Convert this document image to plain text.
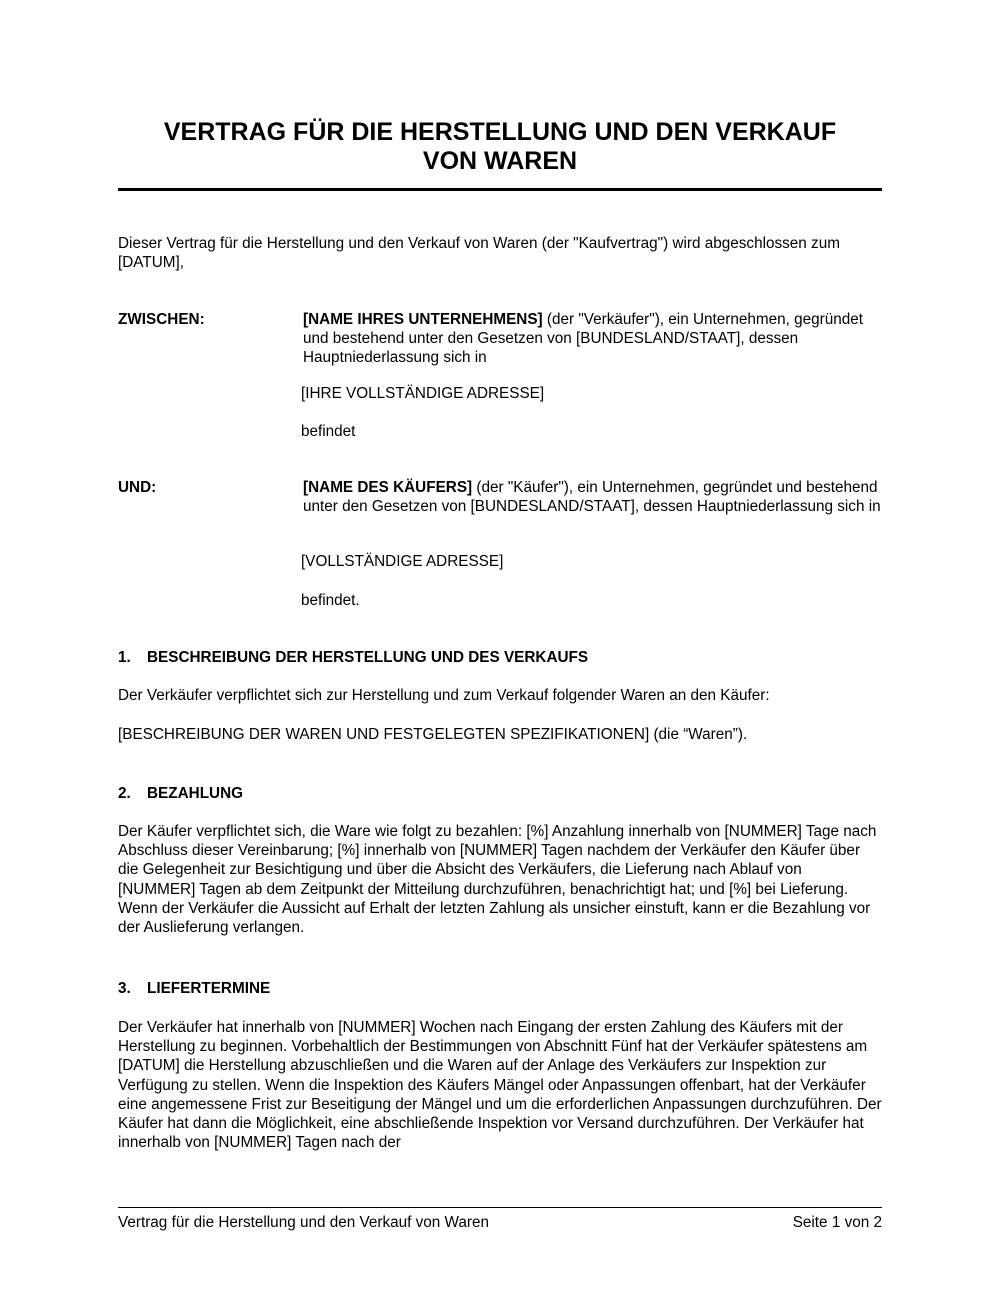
VERTRAG FÜR DIE HERSTELLUNG UND DEN VERKAUF
VON WAREN
Dieser Vertrag für die Herstellung und den Verkauf von Waren (der "Kaufvertrag") wird abgeschlossen zum [DATUM],
ZWISCHEN:	[NAME IHRES UNTERNEHMENS] (der "Verkäufer"), ein Unternehmen, gegründet und bestehend unter den Gesetzen von [BUNDESLAND/STAAT], dessen Hauptniederlassung sich in
[IHRE VOLLSTÄNDIGE ADRESSE]
befindet
UND:	[NAME DES KÄUFERS] (der "Käufer"), ein Unternehmen, gegründet und bestehend unter den Gesetzen von [BUNDESLAND/STAAT], dessen Hauptniederlassung sich in
[VOLLSTÄNDIGE ADRESSE]
befindet.
1. BESCHREIBUNG DER HERSTELLUNG UND DES VERKAUFS
Der Verkäufer verpflichtet sich zur Herstellung und zum Verkauf folgender Waren an den Käufer:
[BESCHREIBUNG DER WAREN UND FESTGELEGTEN SPEZIFIKATIONEN] (die “Waren”).
2. BEZAHLUNG
Der Käufer verpflichtet sich, die Ware wie folgt zu bezahlen: [%] Anzahlung innerhalb von [NUMMER] Tage nach Abschluss dieser Vereinbarung; [%] innerhalb von [NUMMER] Tagen nachdem der Verkäufer den Käufer über die Gelegenheit zur Besichtigung und über die Absicht des Verkäufers, die Lieferung nach Ablauf von [NUMMER] Tagen ab dem Zeitpunkt der Mitteilung durchzuführen, benachrichtigt hat; und [%] bei Lieferung. Wenn der Verkäufer die Aussicht auf Erhalt der letzten Zahlung als unsicher einstuft, kann er die Bezahlung vor der Auslieferung verlangen.
3. LIEFERTERMINE
Der Verkäufer hat innerhalb von [NUMMER] Wochen nach Eingang der ersten Zahlung des Käufers mit der Herstellung zu beginnen. Vorbehaltlich der Bestimmungen von Abschnitt Fünf hat der Verkäufer spätestens am [DATUM] die Herstellung abzuschließen und die Waren auf der Anlage des Verkäufers zur Inspektion zur Verfügung zu stellen. Wenn die Inspektion des Käufers Mängel oder Anpassungen offenbart, hat der Verkäufer eine angemessene Frist zur Beseitigung der Mängel und um die erforderlichen Anpassungen durchzuführen. Der Käufer hat dann die Möglichkeit, eine abschließende Inspektion vor Versand durchzuführen. Der Verkäufer hat innerhalb von [NUMMER] Tagen nach der
Vertrag für die Herstellung und den Verkauf von Waren	Seite 1 von 2
